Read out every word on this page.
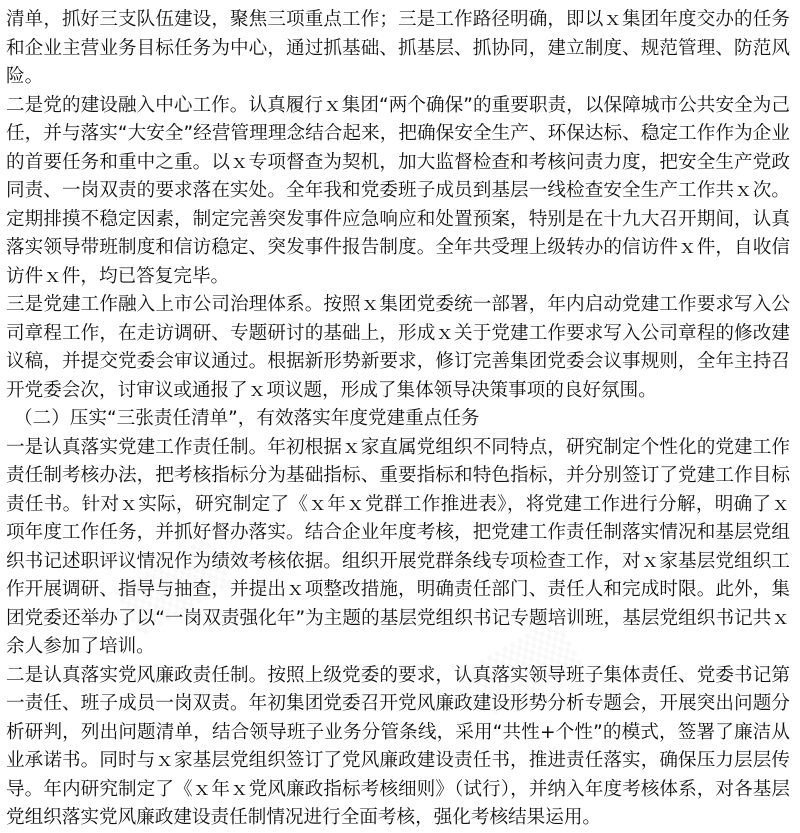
▒▒▒
▒▒▒

清单，抓好三支队伍建设，聚焦三项重点工作；三是工作路径明确，即以ｘ集团年度交办的任务和企业主营业务目标任务为中心，通过抓基础、抓基层、抓协同，建立制度、规范管理、防范风险。

二是党的建设融入中心工作。认真履行ｘ集团“两个确保”的重要职责，以保障城市公共安全为己任，并与落实“大安全”经营管理理念结合起来，把确保安全生产、环保达标、稳定工作作为企业的首要任务和重中之重。以ｘ专项督查为契机，加大监督检查和考核问责力度，把安全生产党政同责、一岗双责的要求落在实处。全年我和党委班子成员到基层一线检查安全生产工作共ｘ次。定期排摸不稳定因素，制定完善突发事件应急响应和处置预案，特别是在十九大召开期间，认真落实领导带班制度和信访稳定、突发事件报告制度。全年共受理上级转办的信访件ｘ件，自收信访件ｘ件，均已答复完毕。

三是党建工作融入上市公司治理体系。按照ｘ集团党委统一部署，年内启动党建工作要求写入公司章程工作，在走访调研、专题研讨的基础上，形成ｘ关于党建工作要求写入公司章程的修改建议稿，并提交党委会审议通过。根据新形势新要求，修订完善集团党委会议事规则，全年主持召开党委会次，讨审议或通报了ｘ项议题，形成了集体领导决策事项的良好氛围。

（二）压实“三张责任清单”，有效落实年度党建重点任务

一是认真落实党建工作责任制。年初根据ｘ家直属党组织不同特点，研究制定个性化的党建工作责任制考核办法，把考核指标分为基础指标、重要指标和特色指标，并分别签订了党建工作目标责任书。针对ｘ实际，研究制定了《ｘ年ｘ党群工作推进表》，将党建工作进行分解，明确了ｘ项年度工作任务，并抓好督办落实。结合企业年度考核，把党建工作责任制落实情况和基层党组织书记述职评议情况作为绩效考核依据。组织开展党群条线专项检查工作，对ｘ家基层党组织工作开展调研、指导与抽查，并提出ｘ项整改措施，明确责任部门、责任人和完成时限。此外，集团党委还举办了以“一岗双责强化年”为主题的基层党组织书记专题培训班，基层党组织书记共ｘ余人参加了培训。

二是认真落实党风廉政责任制。按照上级党委的要求，认真落实领导班子集体责任、党委书记第一责任、班子成员一岗双责。年初集团党委召开党风廉政建设形势分析专题会，开展突出问题分析研判，列出问题清单，结合领导班子业务分管条线，采用“共性+个性”的模式，签署了廉洁从业承诺书。同时与ｘ家基层党组织签订了党风廉政建设责任书，推进责任落实，确保压力层层传导。年内研究制定了《ｘ年ｘ党风廉政指标考核细则》（试行），并纳入年度考核体系，对各基层党组织落实党风廉政建设责任制情况进行全面考核，强化考核结果运用。
